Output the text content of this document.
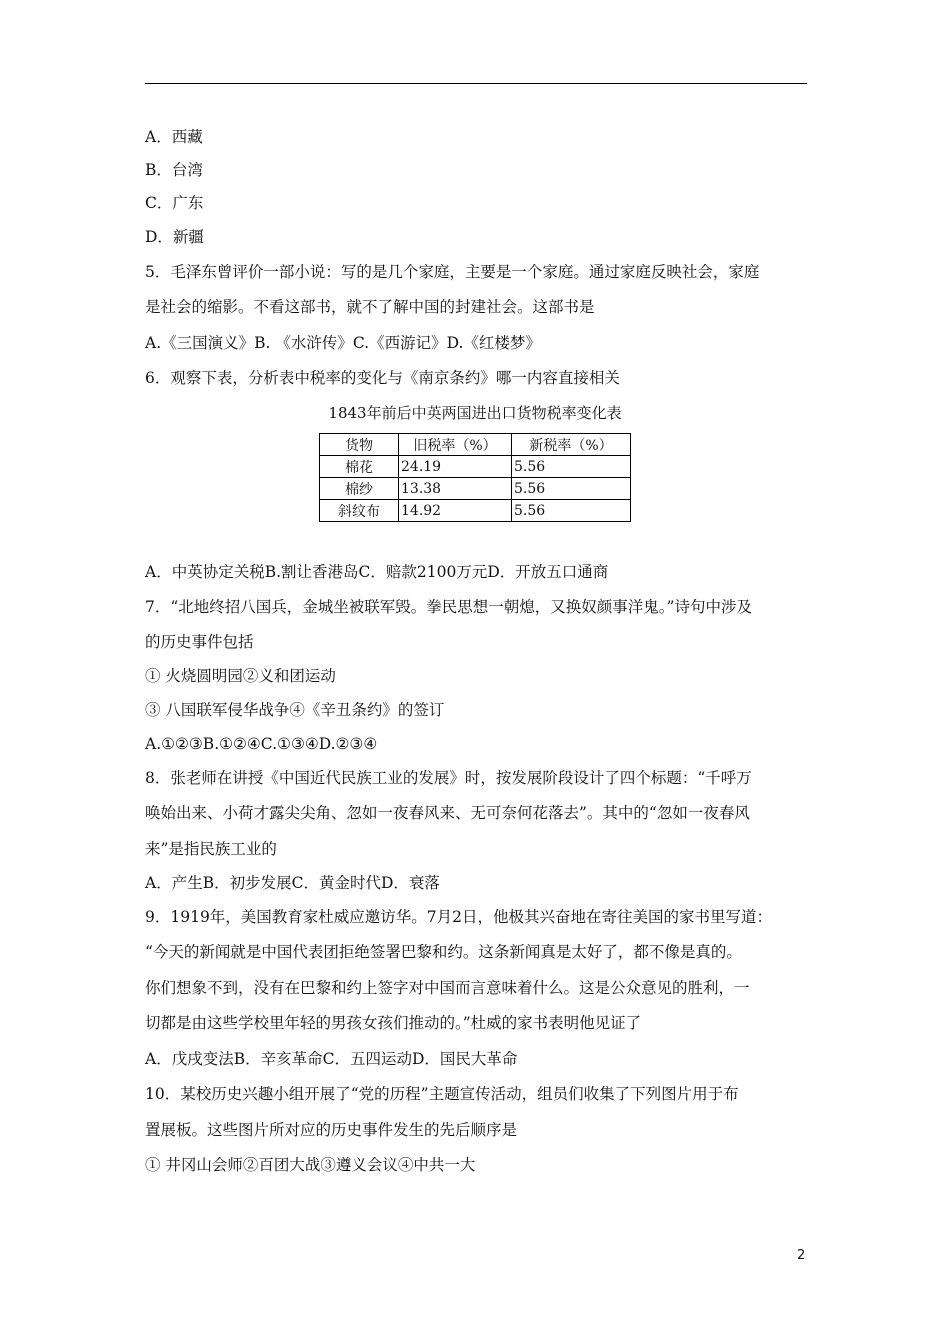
A．西藏
B．台湾
C．广东
D．新疆
5．毛泽东曾评价一部小说：写的是几个家庭，主要是一个家庭。通过家庭反映社会，家庭
是社会的缩影。不看这部书，就不了解中国的封建社会。这部书是
A.《三国演义》B. 《水浒传》C.《西游记》D.《红楼梦》
6．观察下表，分析表中税率的变化与《南京条约》哪一内容直接相关
1843年前后中英两国进出口货物税率变化表
货物	旧税率（%）	新税率（%）
棉花	24.19	5.56
棉纱	13.38	5.56
斜纹布	14.92	5.56
A．中英协定关税B.割让香港岛C．赔款2100万元D．开放五口通商
7．“北地终招八国兵，金城坐被联军毁。拳民思想一朝熄，又换奴颜事洋鬼。”诗句中涉及
的历史事件包括
① 火烧圆明园②义和团运动
③ 八国联军侵华战争④《辛丑条约》的签订
A.①②③B.①②④C.①③④D.②③④
8．张老师在讲授《中国近代民族工业的发展》时，按发展阶段设计了四个标题：“千呼万
唤始出来、小荷才露尖尖角、忽如一夜春风来、无可奈何花落去”。其中的“忽如一夜春风
来”是指民族工业的
A．产生B．初步发展C．黄金时代D．衰落
9．1919年，美国教育家杜威应邀访华。7月2日，他极其兴奋地在寄往美国的家书里写道：
“今天的新闻就是中国代表团拒绝签署巴黎和约。这条新闻真是太好了，都不像是真的。
你们想象不到，没有在巴黎和约上签字对中国而言意味着什么。这是公众意见的胜利，一
切都是由这些学校里年轻的男孩女孩们推动的。”杜威的家书表明他见证了
A．戊戌变法B．辛亥革命C．五四运动D．国民大革命
10．某校历史兴趣小组开展了“党的历程”主题宣传活动，组员们收集了下列图片用于布
置展板。这些图片所对应的历史事件发生的先后顺序是
① 井冈山会师②百团大战③遵义会议④中共一大
2
